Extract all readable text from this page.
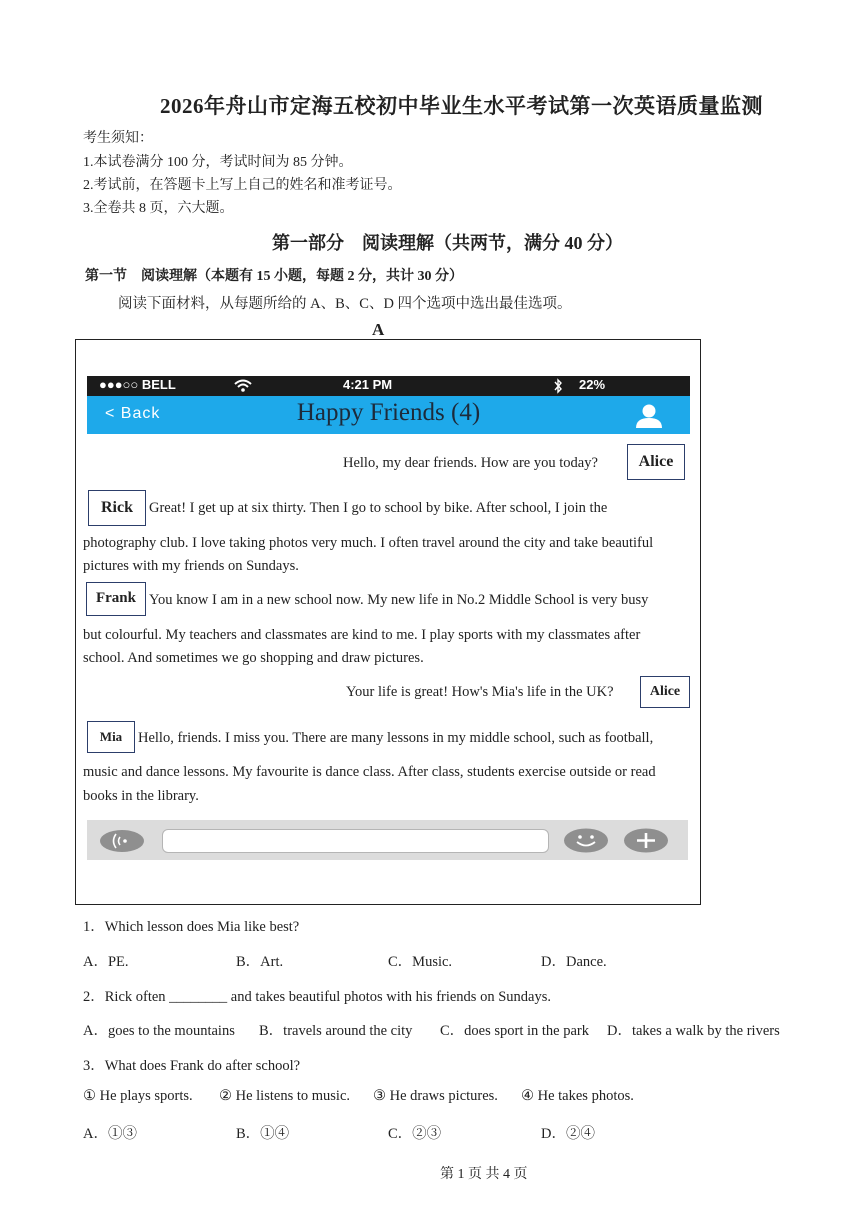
2026年舟山市定海五校初中毕业生水平考试第一次英语质量监测
考生须知：
1.本试卷满分 100 分，考试时间为 85 分钟。
2.考试前，在答题卡上写上自己的姓名和准考证号。
3.全卷共 8 页，六大题。
第一部分　阅读理解（共两节，满分 40 分）
第一节　阅读理解（本题有 15 小题，每题 2 分，共计 30 分）
阅读下面材料，从每题所给的 A、B、C、D 四个选项中选出最佳选项。
A
●●●○○ BELL	4:21 PM	22%
< Back	Happy Friends (4)

Hello, my dear friends. How are you today?	Alice
Rick	Great! I get up at six thirty. Then I go to school by bike. After school, I join the
photography club. I love taking photos very much. I often travel around the city and take beautiful
pictures with my friends on Sundays.
Frank You know I am in a new school now. My new life in No.2 Middle School is very busy
but colourful. My teachers and classmates are kind to me. I play sports with my classmates after
school. And sometimes we go shopping and draw pictures.

Your life is great! How's Mia's life in the UK?	Alice
Mia	Hello, friends. I miss you. There are many lessons in my middle school, such as football,
music and dance lessons. My favourite is dance class. After class, students exercise outside or read
books in the library.
1．Which lesson does Mia like best?
A．PE.	B．Art.	C．Music.	D．Dance.
2．Rick often ________ and takes beautiful photos with his friends on Sundays.
A．goes to the mountains B．travels around the city C．does sport in the park D．takes a walk by the rivers
3．What does Frank do after school?
① He plays sports. ② He listens to music. ③ He draws pictures. ④ He takes photos.
A．①③	B．①④	C．②③	D．②④
第 1 页 共 4 页
